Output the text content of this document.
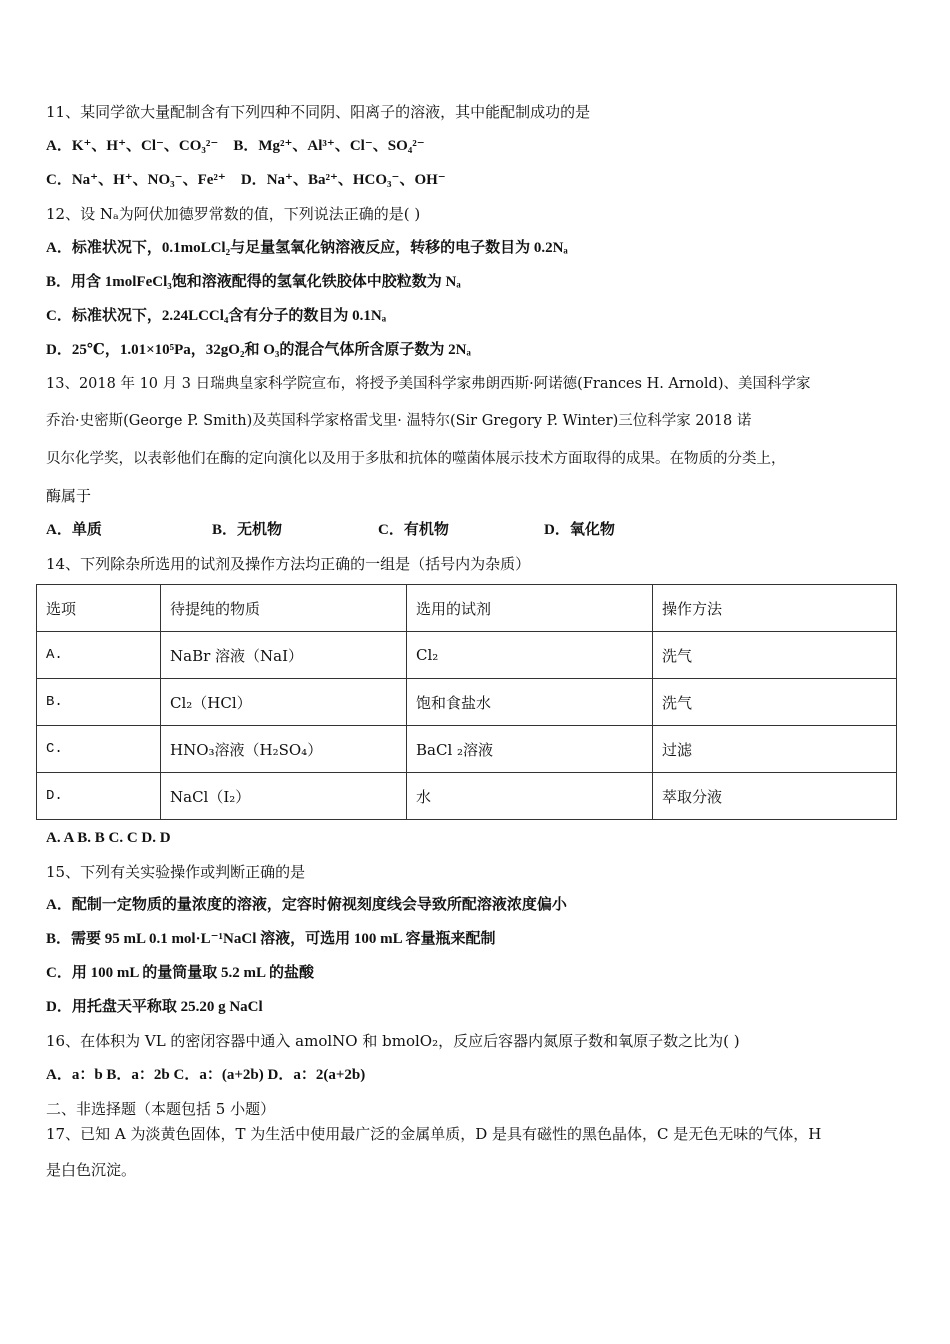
11、某同学欲大量配制含有下列四种不同阴、阳离子的溶液，其中能配制成功的是
A．K⁺、H⁺、Cl⁻、CO₃²⁻ B．Mg²⁺、Al³⁺、Cl⁻、SO₄²⁻
C．Na⁺、H⁺、NO₃⁻、Fe²⁺ D．Na⁺、Ba²⁺、HCO₃⁻、OH⁻
12、设 Nₐ为阿伏加德罗常数的值，下列说法正确的是( )
A．标准状况下，0.1moLCl₂与足量氢氧化钠溶液反应，转移的电子数目为 0.2Nₐ
B．用含 1molFeCl₃饱和溶液配得的氢氧化铁胶体中胶粒数为 Nₐ
C．标准状况下，2.24LCCl₄含有分子的数目为 0.1Nₐ
D．25℃，1.01×10⁵Pa，32gO₂和 O₃的混合气体所含原子数为 2Nₐ
13、2018 年 10 月 3 日瑞典皇家科学院宣布，将授予美国科学家弗朗西斯·阿诺德(Frances H. Arnold)、美国科学家
乔治·史密斯(George P. Smith)及英国科学家格雷戈里· 温特尔(Sir Gregory P. Winter)三位科学家 2018 诺
贝尔化学奖，以表彰他们在酶的定向演化以及用于多肽和抗体的噬菌体展示技术方面取得的成果。在物质的分类上，
酶属于
A．单质	B．无机物	C．有机物	D．氧化物
14、下列除杂所选用的试剂及操作方法均正确的一组是（括号内为杂质）
选项	待提纯的物质	选用的试剂	操作方法
A.	NaBr 溶液（NaI）	Cl₂	洗气
B.	Cl₂（HCl）	饱和食盐水	洗气
C.	HNO₃溶液（H₂SO₄）	BaCl ₂溶液	过滤
D.	NaCl（I₂）	水	萃取分液
A. A B. B C. C D. D
15、下列有关实验操作或判断正确的是
A．配制一定物质的量浓度的溶液，定容时俯视刻度线会导致所配溶液浓度偏小
B．需要 95 mL 0.1 mol·L⁻¹NaCl 溶液，可选用 100 mL 容量瓶来配制
C．用 100 mL 的量筒量取 5.2 mL 的盐酸
D．用托盘天平称取 25.20 g NaCl
16、在体积为 VL 的密闭容器中通入 amolNO 和 bmolO₂，反应后容器内氮原子数和氧原子数之比为( )
A．a：b B．a：2b C．a：(a+2b) D．a：2(a+2b)
二、非选择题（本题包括 5 小题）
17、已知 A 为淡黄色固体，T 为生活中使用最广泛的金属单质，D 是具有磁性的黑色晶体，C 是无色无味的气体，H
是白色沉淀。
